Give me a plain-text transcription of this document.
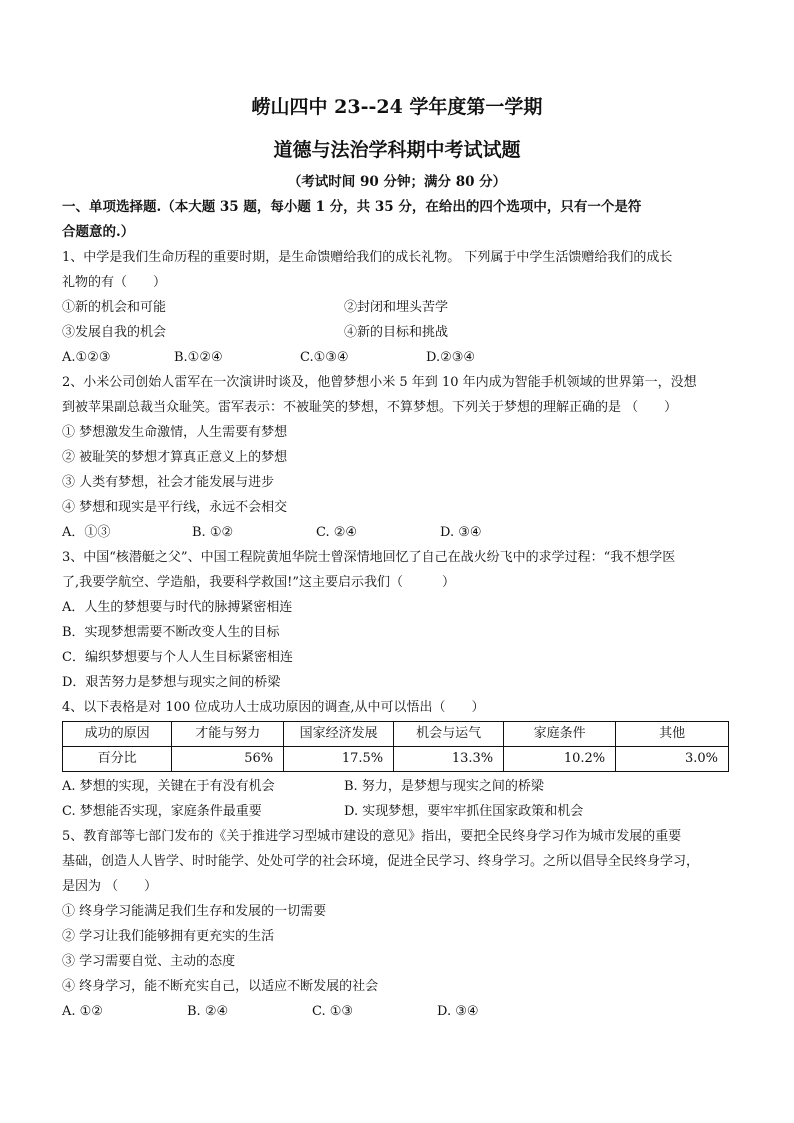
崂山四中 23--24 学年度第一学期
道德与法治学科期中考试试题
（考试时间 90 分钟；满分 80 分）

一、单项选择题.（本大题 35 题，每小题 1 分，共 35 分，在给出的四个选项中，只有一个是符

合题意的.）

1、中学是我们生命历程的重要时期，是生命馈赠给我们的成长礼物。 下列属于中学生活馈赠给我们的成长

礼物的有（　　）

①新的机会和可能	②封闭和埋头苦学
③发展自我的机会	④新的目标和挑战
A.①②③	B.①②④	C.①③④	D.②③④

2、小米公司创始人雷军在一次演讲时谈及，他曾梦想小米 5 年到 10 年内成为智能手机领域的世界第一，没想

到被苹果副总裁当众耻笑。雷军表示：不被耻笑的梦想，不算梦想。下列关于梦想的理解正确的是 （　　）

① 梦想激发生命激情，人生需要有梦想

② 被耻笑的梦想才算真正意义上的梦想

③ 人类有梦想，社会才能发展与进步

④ 梦想和现实是平行线，永远不会相交

A．①③	B. ①②	C. ②④	D. ③④

3、中国“核潜艇之父”、中国工程院黄旭华院士曾深情地回忆了自己在战火纷飞中的求学过程：“我不想学医

了,我要学航空、学造船，我要科学救国!”这主要启示我们（　　　）

A．人生的梦想要与时代的脉搏紧密相连

B．实现梦想需要不断改变人生的目标

C．编织梦想要与个人人生目标紧密相连

D．艰苦努力是梦想与现实之间的桥梁

4、以下表格是对 100 位成功人士成功原因的调查,从中可以悟出（　　）

成功的原因	才能与努力	国家经济发展	机会与运气	家庭条件	其他
百分比	56%	17.5%	13.3%	10.2%	3.0%
A. 梦想的实现，关键在于有没有机会	B. 努力，是梦想与现实之间的桥梁
C. 梦想能否实现，家庭条件最重要	D. 实现梦想，要牢牢抓住国家政策和机会

5、教育部等七部门发布的《关于推进学习型城市建设的意见》指出，要把全民终身学习作为城市发展的重要

基础，创造人人皆学、时时能学、处处可学的社会环境，促进全民学习、终身学习。之所以倡导全民终身学习，

是因为 （　　）

① 终身学习能满足我们生存和发展的一切需要

② 学习让我们能够拥有更充实的生活

③ 学习需要自觉、主动的态度

④ 终身学习，能不断充实自己，以适应不断发展的社会

A. ①②	B. ②④	C. ①③	D. ③④
